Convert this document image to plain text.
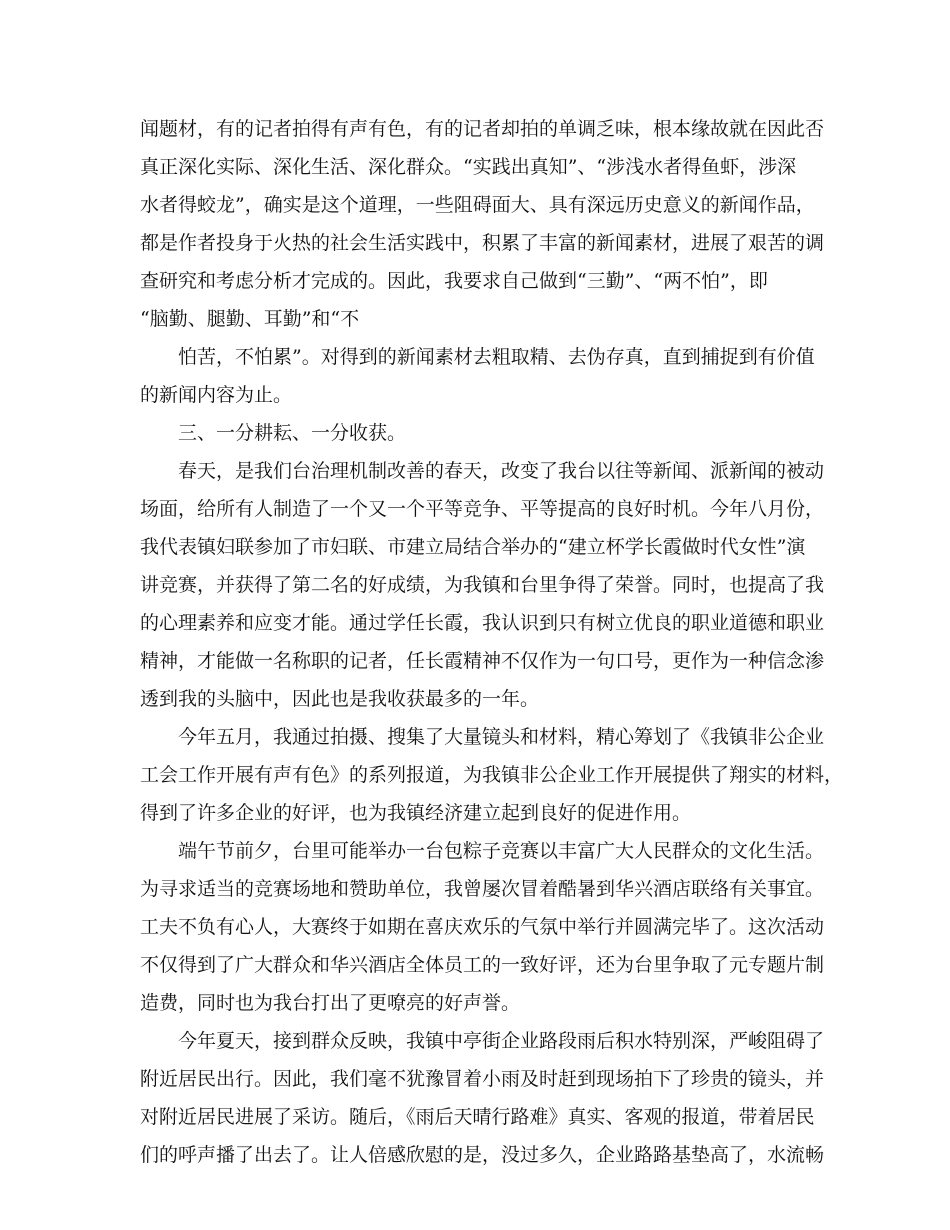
闻题材，有的记者拍得有声有色，有的记者却拍的单调乏味，根本缘故就在因此否
真正深化实际、深化生活、深化群众。“实践出真知”、“涉浅水者得鱼虾，涉深
水者得蛟龙”，确实是这个道理，一些阻碍面大、具有深远历史意义的新闻作品，
都是作者投身于火热的社会生活实践中，积累了丰富的新闻素材，进展了艰苦的调
查研究和考虑分析才完成的。因此，我要求自己做到“三勤”、“两不怕”，即
“脑勤、腿勤、耳勤”和“不
怕苦，不怕累”。对得到的新闻素材去粗取精、去伪存真，直到捕捉到有价值
的新闻内容为止。
三、一分耕耘、一分收获。
春天，是我们台治理机制改善的春天，改变了我台以往等新闻、派新闻的被动
场面，给所有人制造了一个又一个平等竞争、平等提高的良好时机。今年八月份，
我代表镇妇联参加了市妇联、市建立局结合举办的“建立杯学长霞做时代女性”演
讲竞赛，并获得了第二名的好成绩，为我镇和台里争得了荣誉。同时，也提高了我
的心理素养和应变才能。通过学任长霞，我认识到只有树立优良的职业道德和职业
精神，才能做一名称职的记者，任长霞精神不仅作为一句口号，更作为一种信念渗
透到我的头脑中，因此也是我收获最多的一年。
今年五月，我通过拍摄、搜集了大量镜头和材料，精心筹划了《我镇非公企业
工会工作开展有声有色》的系列报道，为我镇非公企业工作开展提供了翔实的材料，
得到了许多企业的好评，也为我镇经济建立起到良好的促进作用。
端午节前夕，台里可能举办一台包粽子竞赛以丰富广大人民群众的文化生活。
为寻求适当的竞赛场地和赞助单位，我曾屡次冒着酷暑到华兴酒店联络有关事宜。
工夫不负有心人，大赛终于如期在喜庆欢乐的气氛中举行并圆满完毕了。这次活动
不仅得到了广大群众和华兴酒店全体员工的一致好评，还为台里争取了元专题片制
造费，同时也为我台打出了更嘹亮的好声誉。
今年夏天，接到群众反映，我镇中亭街企业路段雨后积水特别深，严峻阻碍了
附近居民出行。因此，我们毫不犹豫冒着小雨及时赶到现场拍下了珍贵的镜头，并
对附近居民进展了采访。随后，《雨后天晴行路难》真实、客观的报道，带着居民
们的呼声播了出去了。让人倍感欣慰的是，没过多久，企业路路基垫高了，水流畅
